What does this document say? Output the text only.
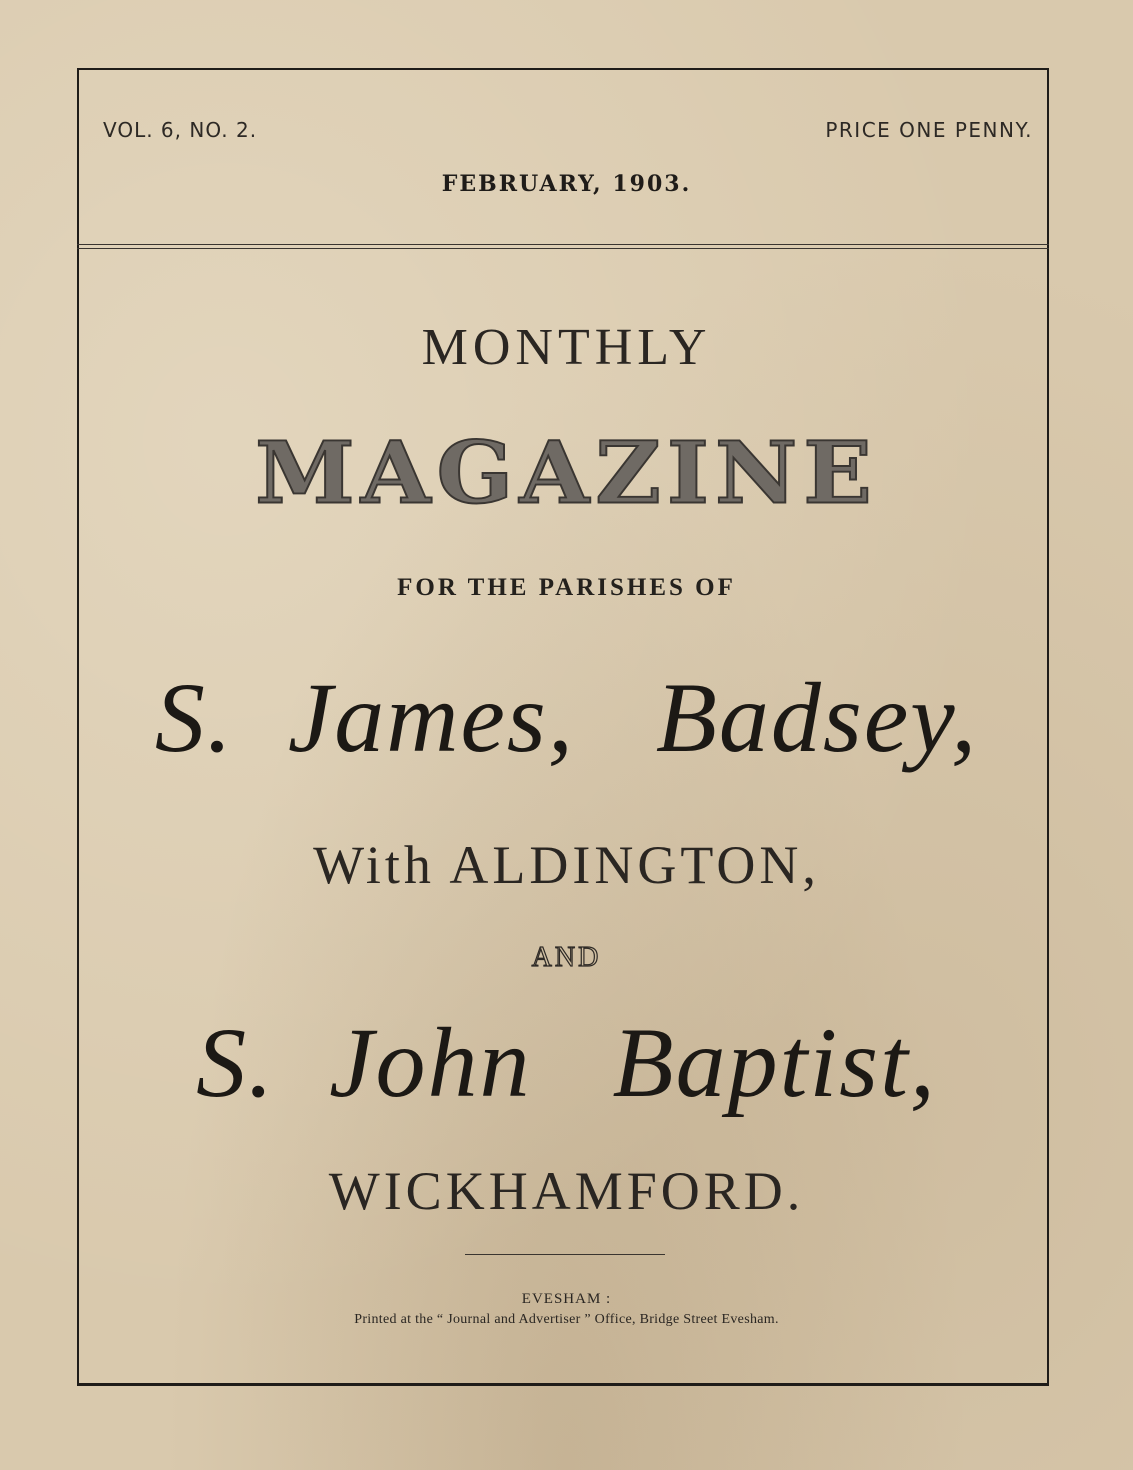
VOL. 6, NO. 2.	PRICE ONE PENNY.
FEBRUARY, 1903.
MONTHLY
MAGAZINE
FOR THE PARISHES OF
S.  James,   Badsey,
With ALDINGTON,
AND
S.  John   Baptist,
WICKHAMFORD.
EVESHAM :
Printed at the “ Journal and Advertiser ” Office, Bridge Street Evesham.
